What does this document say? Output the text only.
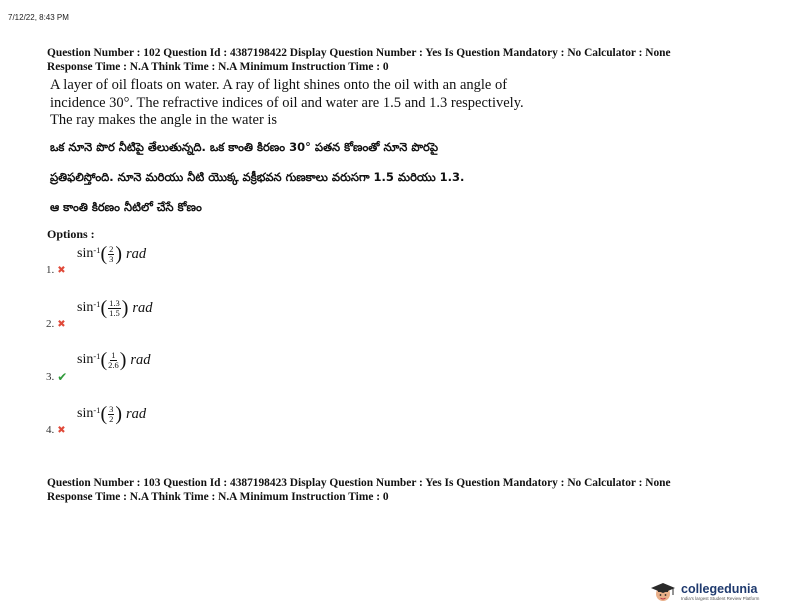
7/12/22, 8:43 PM
Question Number : 102 Question Id : 4387198422 Display Question Number : Yes Is Question Mandatory : No Calculator : None
Response Time : N.A Think Time : N.A Minimum Instruction Time : 0
A layer of oil floats on water. A ray of light shines onto the oil with an angle of
incidence 30°. The refractive indices of oil and water are 1.5 and 1.3 respectively.
The ray makes the angle in the water is
ఒక నూనె పొర నీటిపై తేలుతున్నది. ఒక కాంతి కిరణం 30° పతన కోణంతో నూనె పొరపై
ప్రతిఫలిస్తోంది. నూనె మరియు నీటి యొక్క వక్రీభవన గుణకాలు వరుసగా 1.5 మరియు 1.3.
ఆ కాంతి కిరణం నీటిలో చేసే కోణం
Options :
$\sin^{-1}$ ( $\frac{2}{3}$ ) rad
1. ✖
$\sin^{-1}$ ( $\frac{1.3}{1.5}$ ) rad
2. ✖
$\sin^{-1}$ ( $\frac{1}{2.6}$ ) rad
3. ✔
$\sin^{-1}$ ( $\frac{3}{2}$ ) rad
4. ✖
Question Number : 103 Question Id : 4387198423 Display Question Number : Yes Is Question Mandatory : No Calculator : None
Response Time : N.A Think Time : N.A Minimum Instruction Time : 0
collegedunia
India's largest Student Review Platform
